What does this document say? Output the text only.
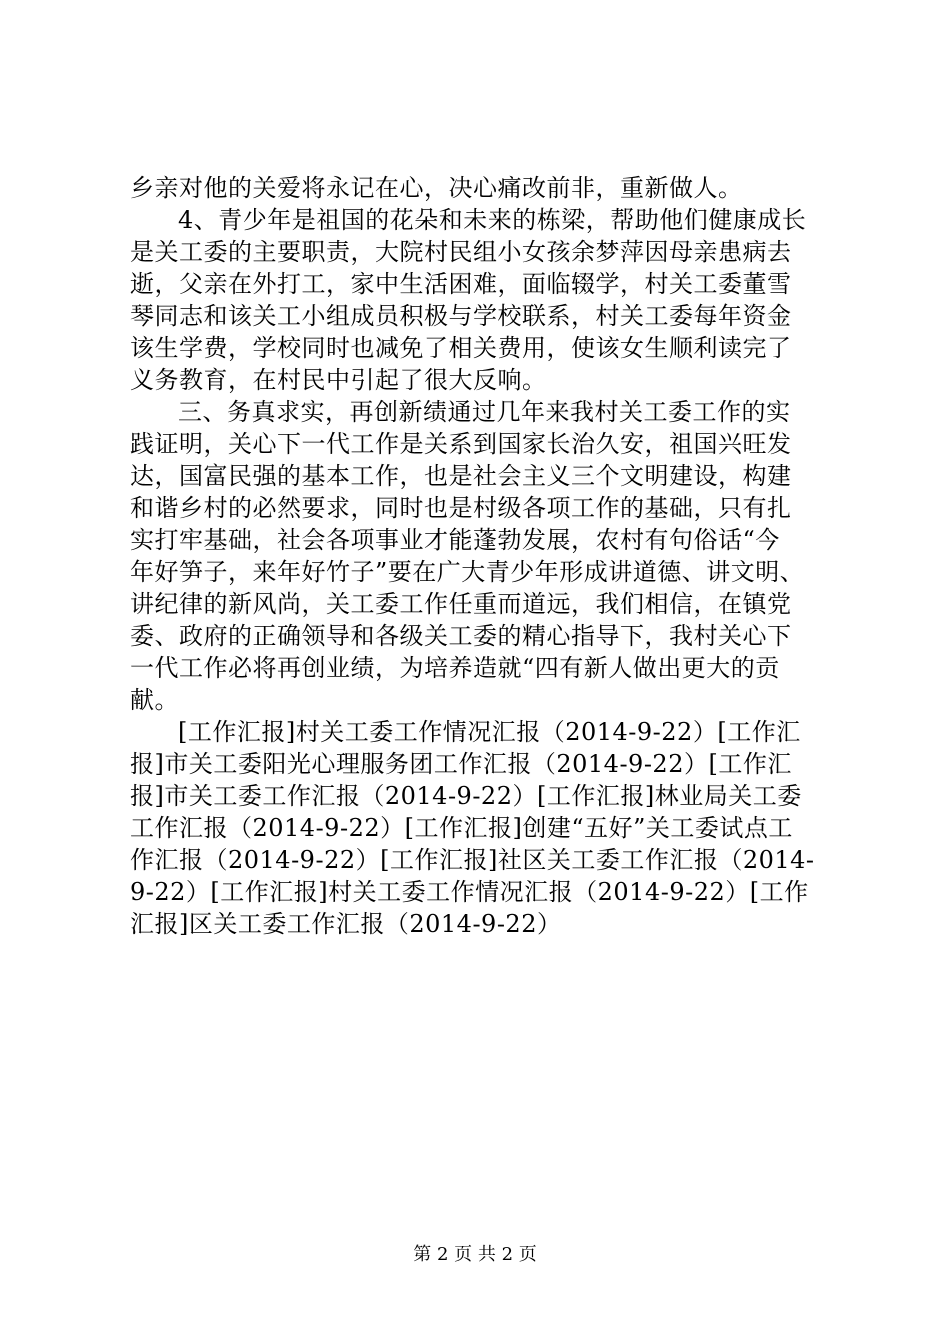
乡亲对他的关爱将永记在心，决心痛改前非，重新做人。
4、青少年是祖国的花朵和未来的栋梁，帮助他们健康成长
是关工委的主要职责，大院村民组小女孩余梦萍因母亲患病去
逝，父亲在外打工，家中生活困难，面临辍学，村关工委董雪
琴同志和该关工小组成员积极与学校联系，村关工委每年资金
该生学费，学校同时也减免了相关费用，使该女生顺利读完了
义务教育，在村民中引起了很大反响。
三、务真求实，再创新绩通过几年来我村关工委工作的实
践证明，关心下一代工作是关系到国家长治久安，祖国兴旺发
达，国富民强的基本工作，也是社会主义三个文明建设，构建
和谐乡村的必然要求，同时也是村级各项工作的基础，只有扎
实打牢基础，社会各项事业才能蓬勃发展，农村有句俗话“今
年好笋子，来年好竹子”要在广大青少年形成讲道德、讲文明、
讲纪律的新风尚，关工委工作任重而道远，我们相信，在镇党
委、政府的正确领导和各级关工委的精心指导下，我村关心下
一代工作必将再创业绩，为培养造就“四有新人做出更大的贡
献。
[工作汇报]村关工委工作情况汇报（2014-9-22）[工作汇
报]市关工委阳光心理服务团工作汇报（2014-9-22）[工作汇
报]市关工委工作汇报（2014-9-22）[工作汇报]林业局关工委
工作汇报（2014-9-22）[工作汇报]创建“五好”关工委试点工
作汇报（2014-9-22）[工作汇报]社区关工委工作汇报（2014-
9-22）[工作汇报]村关工委工作情况汇报（2014-9-22）[工作
汇报]区关工委工作汇报（2014-9-22）
第 2 页 共 2 页
